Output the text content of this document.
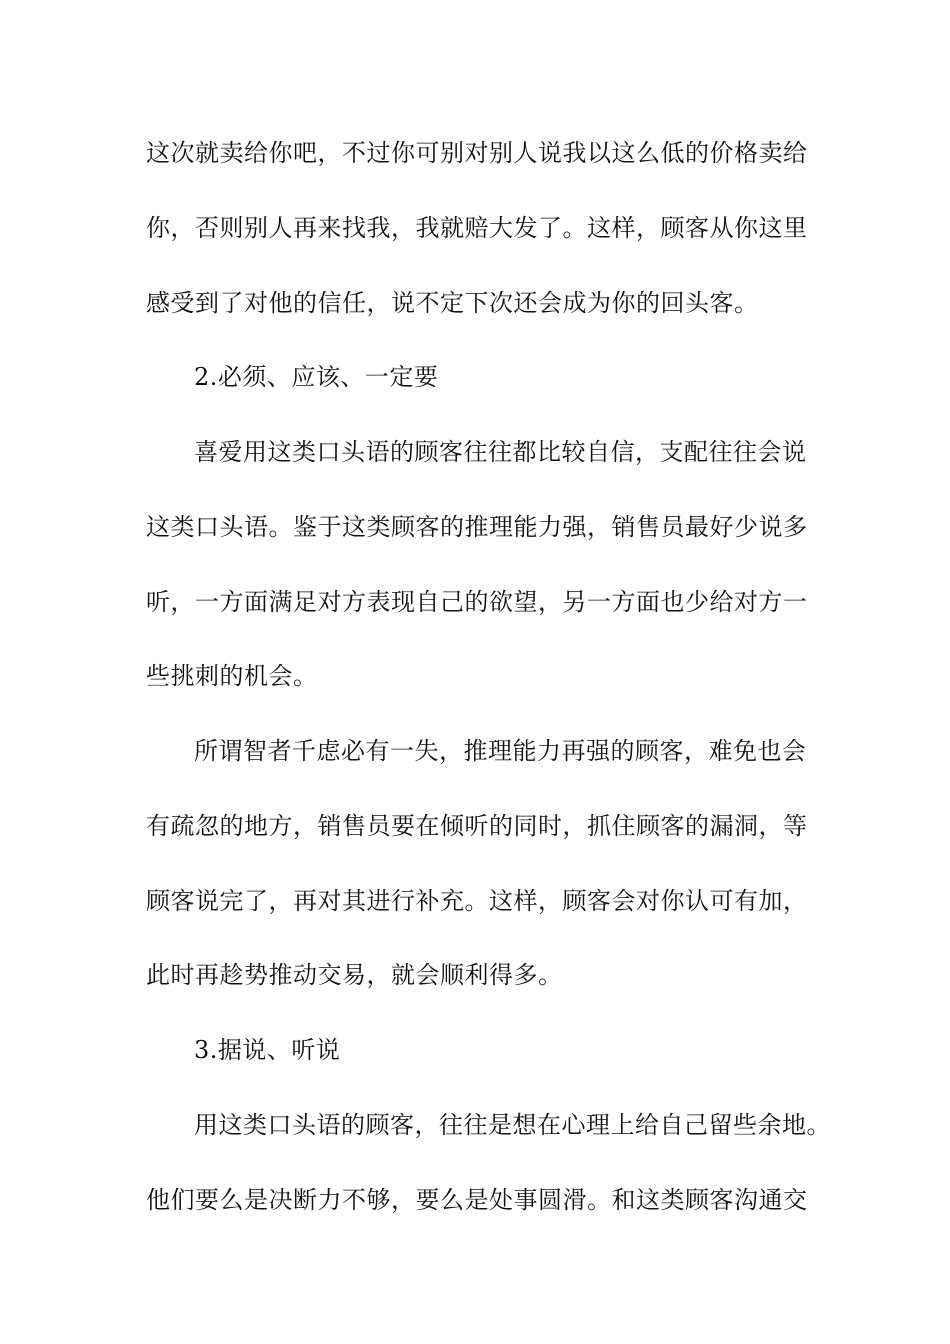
这次就卖给你吧，不过你可别对别人说我以这么低的价格卖给
你，否则别人再来找我，我就赔大发了。这样，顾客从你这里
感受到了对他的信任，说不定下次还会成为你的回头客。
2.必须、应该、一定要
喜爱用这类口头语的顾客往往都比较自信，支配往往会说
这类口头语。鉴于这类顾客的推理能力强，销售员最好少说多
听，一方面满足对方表现自己的欲望，另一方面也少给对方一
些挑刺的机会。
所谓智者千虑必有一失，推理能力再强的顾客，难免也会
有疏忽的地方，销售员要在倾听的同时，抓住顾客的漏洞，等
顾客说完了，再对其进行补充。这样，顾客会对你认可有加，
此时再趁势推动交易，就会顺利得多。
3.据说、听说
用这类口头语的顾客，往往是想在心理上给自己留些余地。
他们要么是决断力不够，要么是处事圆滑。和这类顾客沟通交
